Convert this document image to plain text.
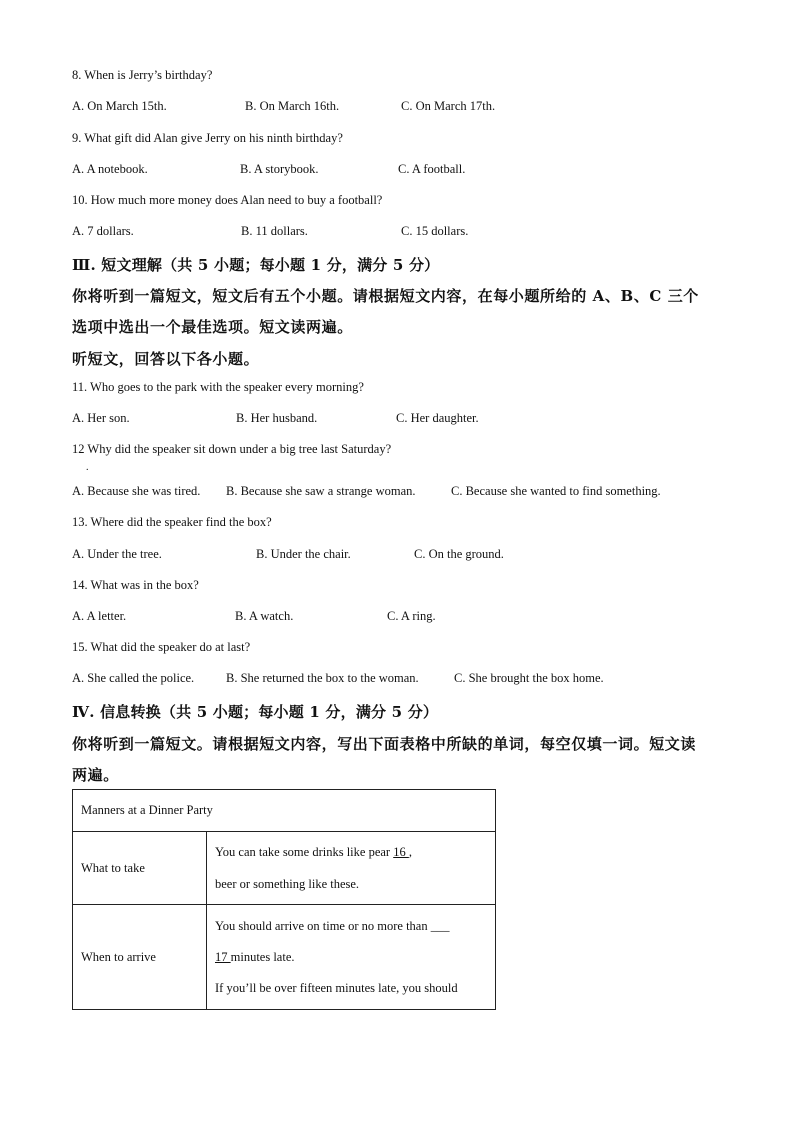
8. When is Jerry’s birthday?
A. On March 15th.	B. On March 16th.	C. On March 17th.
9. What gift did Alan give Jerry on his ninth birthday?
A. A notebook.	B. A storybook.	C. A football.
10. How much more money does Alan need to buy a football?
A. 7 dollars.	B. 11 dollars.	C. 15 dollars.
Ⅲ. 短文理解（共 5 小题；每小题 1 分，满分 5 分）
你将听到一篇短文，短文后有五个小题。请根据短文内容，在每小题所给的 A、B、C 三个
选项中选出一个最佳选项。短文读两遍。
听短文，回答以下各小题。
11. Who goes to the park with the speaker every morning?
A. Her son.	B. Her husband.	C. Her daughter.
12 Why did the speaker sit down under a big tree last Saturday?
.
A. Because she was tired. B. Because she saw a strange woman.	C. Because she wanted to find something.
13. Where did the speaker find the box?
A. Under the tree.	B. Under the chair.	C. On the ground.
14. What was in the box?
A. A letter.	B. A watch.	C. A ring.
15. What did the speaker do at last?
A. She called the police.	B. She returned the box to the woman.	C. She brought the box home.
Ⅳ. 信息转换（共 5 小题；每小题 1 分，满分 5 分）
你将听到一篇短文。请根据短文内容，写出下面表格中所缺的单词，每空仅填一词。短文读
两遍。
Manners at a Dinner Party	
What to take	You can take some drinks like pear 16 ,
beer or something like these.

When to arrive	You should arrive on time or no more than ___
17 minutes late.
If you’ll be over fifteen minutes late, you should
